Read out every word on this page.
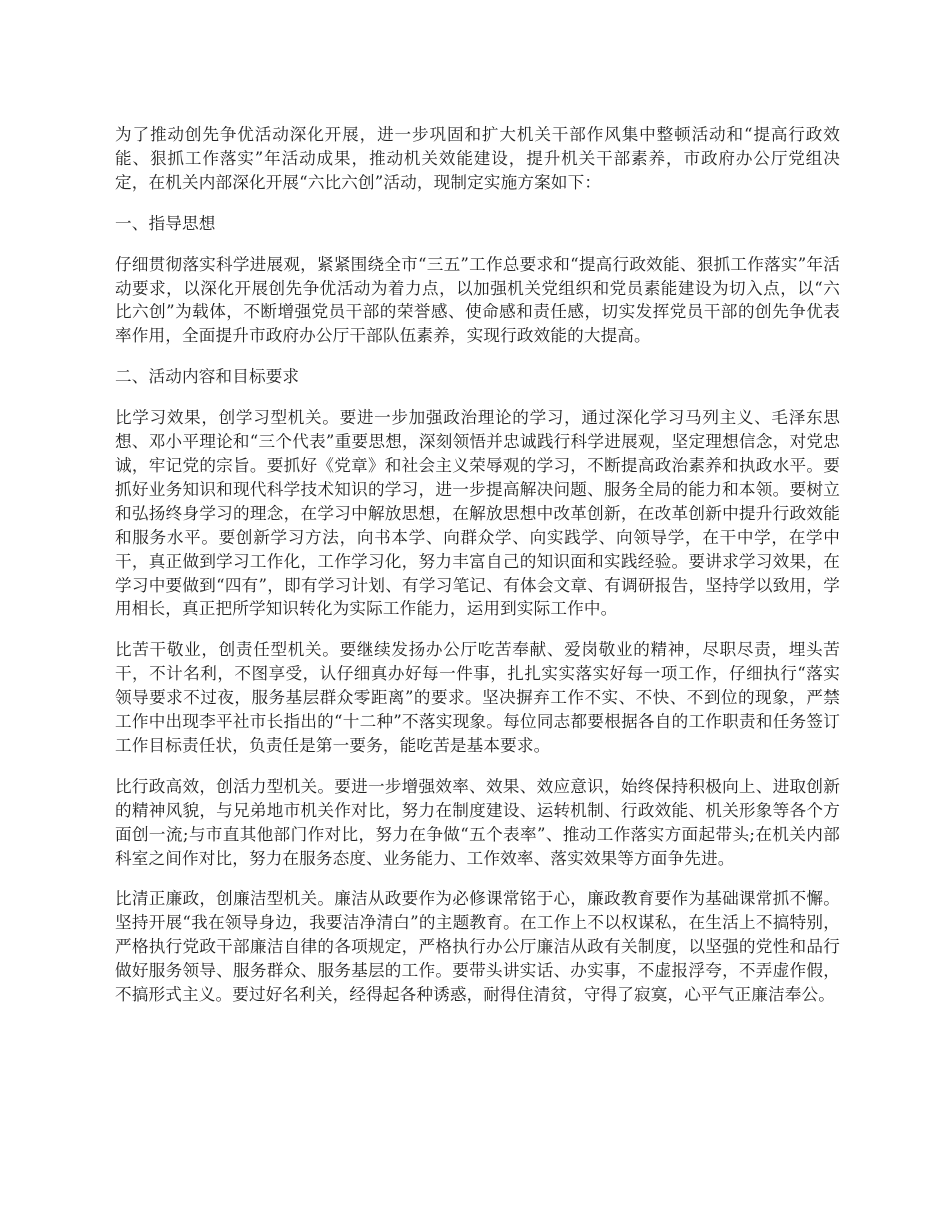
为了推动创先争优活动深化开展，进一步巩固和扩大机关干部作风集中整顿活动和“提高行政效能、狠抓工作落实”年活动成果，推动机关效能建设，提升机关干部素养，市政府办公厅党组决定，在机关内部深化开展“六比六创”活动，现制定实施方案如下：

一、指导思想

仔细贯彻落实科学进展观，紧紧围绕全市“三五”工作总要求和“提高行政效能、狠抓工作落实”年活动要求，以深化开展创先争优活动为着力点，以加强机关党组织和党员素能建设为切入点，以“六比六创”为载体，不断增强党员干部的荣誉感、使命感和责任感，切实发挥党员干部的创先争优表率作用，全面提升市政府办公厅干部队伍素养，实现行政效能的大提高。

二、活动内容和目标要求

比学习效果，创学习型机关。要进一步加强政治理论的学习，通过深化学习马列主义、毛泽东思想、邓小平理论和“三个代表”重要思想，深刻领悟并忠诚践行科学进展观，坚定理想信念，对党忠诚，牢记党的宗旨。要抓好《党章》和社会主义荣辱观的学习，不断提高政治素养和执政水平。要抓好业务知识和现代科学技术知识的学习，进一步提高解决问题、服务全局的能力和本领。要树立和弘扬终身学习的理念，在学习中解放思想，在解放思想中改革创新，在改革创新中提升行政效能和服务水平。要创新学习方法，向书本学、向群众学、向实践学、向领导学，在干中学，在学中干，真正做到学习工作化，工作学习化，努力丰富自己的知识面和实践经验。要讲求学习效果，在学习中要做到“四有”，即有学习计划、有学习笔记、有体会文章、有调研报告，坚持学以致用，学用相长，真正把所学知识转化为实际工作能力，运用到实际工作中。

比苦干敬业，创责任型机关。要继续发扬办公厅吃苦奉献、爱岗敬业的精神，尽职尽责，埋头苦干，不计名利，不图享受，认仔细真办好每一件事，扎扎实实落实好每一项工作，仔细执行“落实领导要求不过夜，服务基层群众零距离”的要求。坚决摒弃工作不实、不快、不到位的现象，严禁工作中出现李平社市长指出的“十二种”不落实现象。每位同志都要根据各自的工作职责和任务签订工作目标责任状，负责任是第一要务，能吃苦是基本要求。

比行政高效，创活力型机关。要进一步增强效率、效果、效应意识，始终保持积极向上、进取创新的精神风貌，与兄弟地市机关作对比，努力在制度建设、运转机制、行政效能、机关形象等各个方面创一流;与市直其他部门作对比，努力在争做“五个表率”、推动工作落实方面起带头;在机关内部科室之间作对比，努力在服务态度、业务能力、工作效率、落实效果等方面争先进。

比清正廉政，创廉洁型机关。廉洁从政要作为必修课常铭于心，廉政教育要作为基础课常抓不懈。坚持开展“我在领导身边，我要洁净清白”的主题教育。在工作上不以权谋私，在生活上不搞特别，严格执行党政干部廉洁自律的各项规定，严格执行办公厅廉洁从政有关制度，以坚强的党性和品行做好服务领导、服务群众、服务基层的工作。要带头讲实话、办实事，不虚报浮夸，不弄虚作假，不搞形式主义。要过好名利关，经得起各种诱惑，耐得住清贫，守得了寂寞，心平气正廉洁奉公。
